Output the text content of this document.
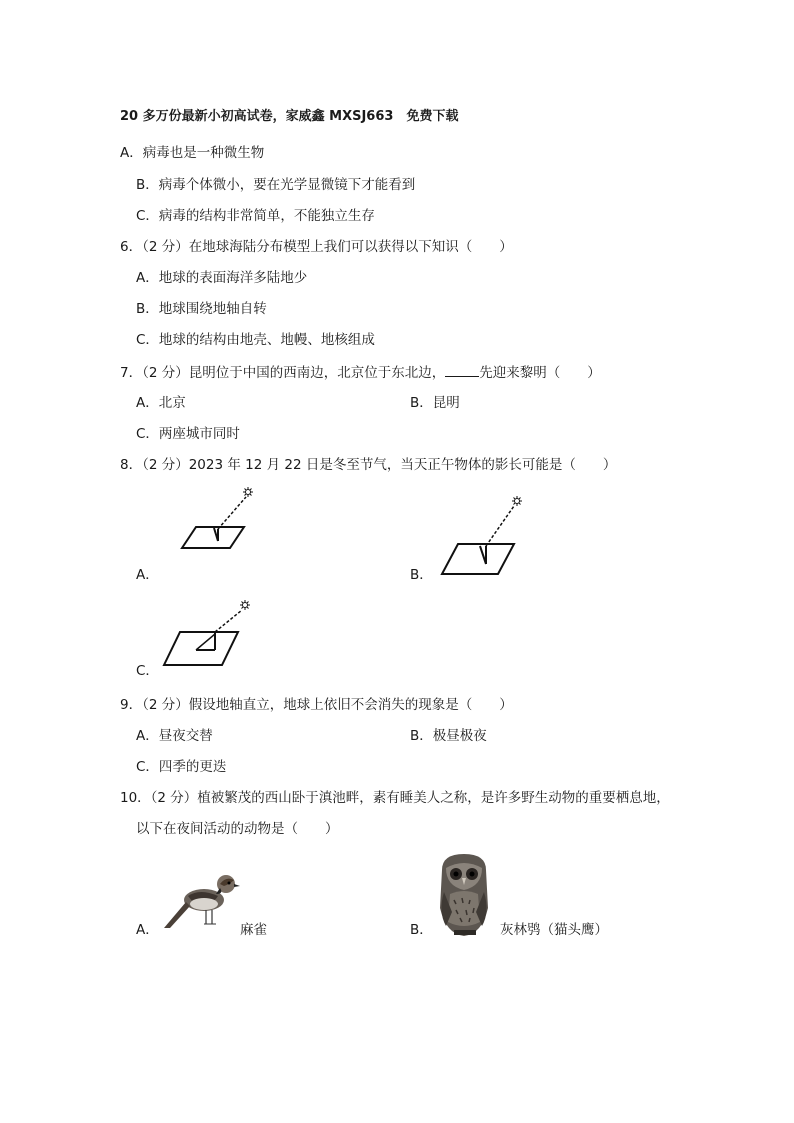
20 多万份最新小初高试卷，家威鑫 MXSJ663　免费下载
A．病毒也是一种微生物
B．病毒个体微小，要在光学显微镜下才能看到
C．病毒的结构非常简单，不能独立生存
6．（2 分）在地球海陆分布模型上我们可以获得以下知识（　　）
A．地球的表面海洋多陆地少
B．地球围绕地轴自转
C．地球的结构由地壳、地幔、地核组成
7．（2 分）昆明位于中国的西南边，北京位于东北边，	先迎来黎明（　　）
A．北京	B．昆明
C．两座城市同时
8．（2 分）2023 年 12 月 22 日是冬至节气，当天正午物体的影长可能是（　　）
A．	B．
C．
9．（2 分）假设地轴直立，地球上依旧不会消失的现象是（　　）
A．昼夜交替	B．极昼极夜
C．四季的更迭
10．（2 分）植被繁茂的西山卧于滇池畔，素有睡美人之称，是许多野生动物的重要栖息地，
以下在夜间活动的动物是（　　）
A．	麻雀	B．	灰林鸮（猫头鹰）
